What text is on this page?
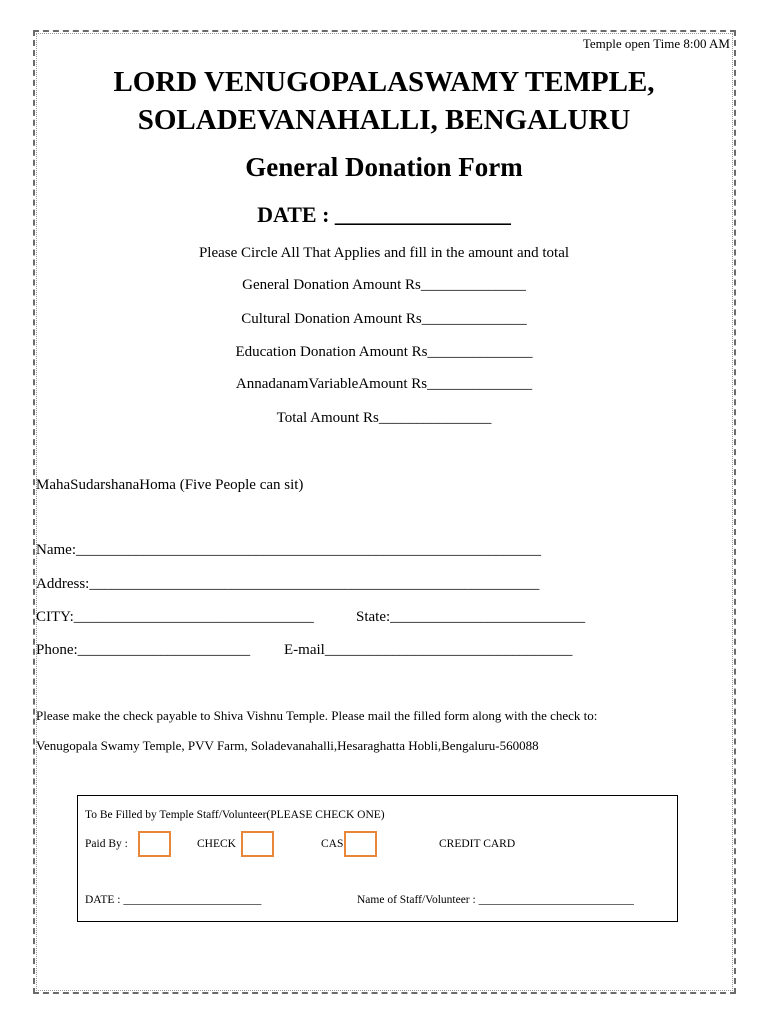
Temple open Time 8:00 AM
LORD VENUGOPALASWAMY TEMPLE,
SOLADEVANAHALLI, BENGALURU
General Donation Form
DATE : ________________
Please Circle All That Applies and fill in the amount and total
General Donation Amount Rs______________
Cultural Donation Amount Rs______________
Education Donation Amount Rs______________
AnnadanamVariableAmount Rs______________
Total Amount Rs_______________
MahaSudarshanaHoma (Five People can sit)
Name:______________________________________________________________
Address:____________________________________________________________
CITY:________________________________	State:__________________________
Phone:_______________________ E-mail_________________________________
Please make the check payable to Shiva Vishnu Temple. Please mail the filled form along with the check to:
Venugopala Swamy Temple, PVV Farm, Soladevanahalli,Hesaraghatta Hobli,Bengaluru-560088
To Be Filled by Temple Staff/Volunteer(PLEASE CHECK ONE)
Paid By :	CHECK	CAS	CREDIT CARD
DATE : ________________________	Name of Staff/Volunteer : ___________________________
